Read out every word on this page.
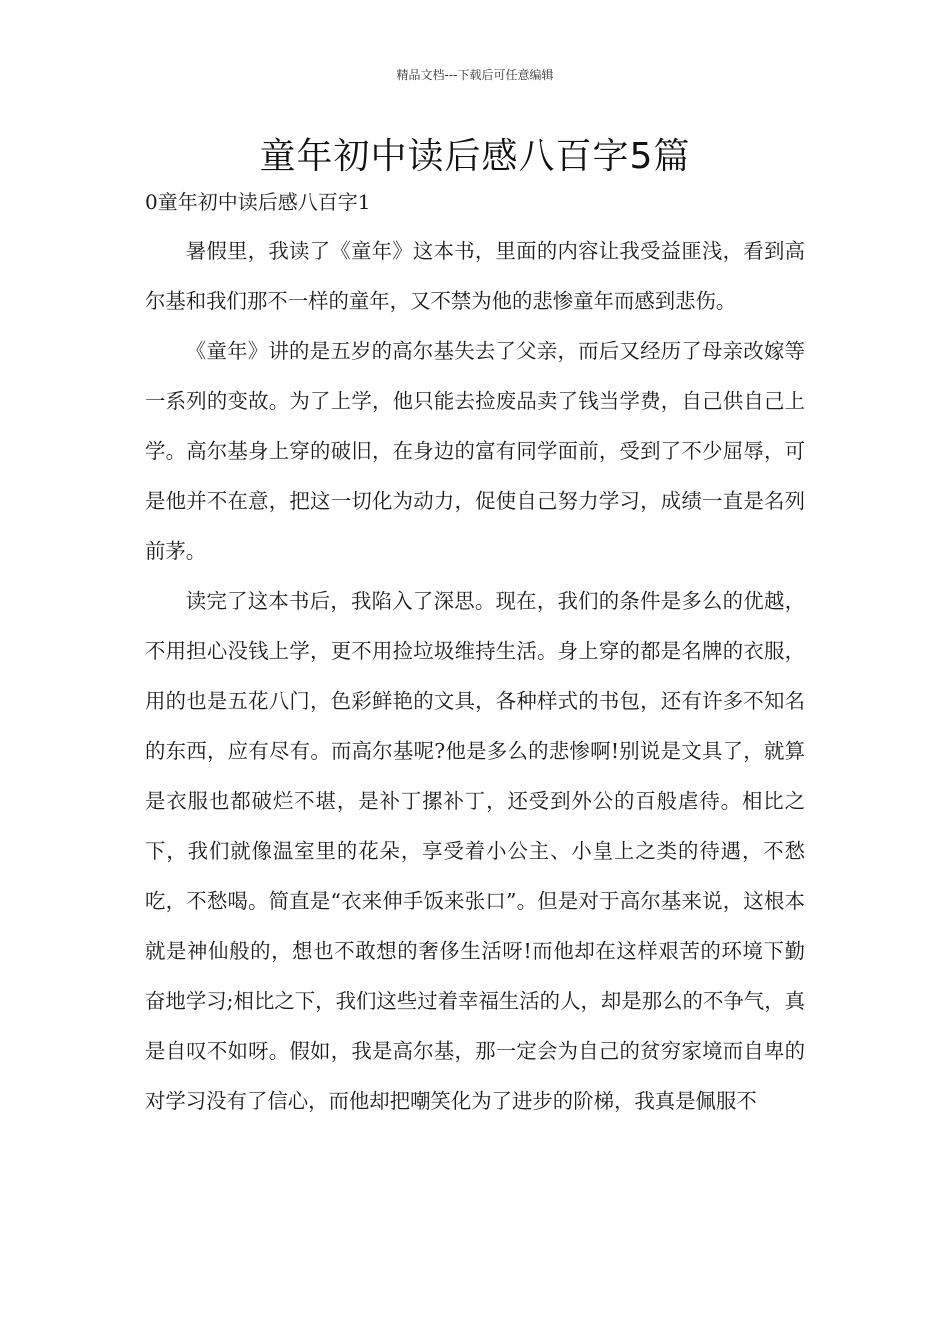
精品文档---下载后可任意编辑
童年初中读后感八百字5篇
0童年初中读后感八百字1

暑假里，我读了《童年》这本书，里面的内容让我受益匪浅，看到高尔基和我们那不一样的童年，又不禁为他的悲惨童年而感到悲伤。

《童年》讲的是五岁的高尔基失去了父亲，而后又经历了母亲改嫁等一系列的变故。为了上学，他只能去捡废品卖了钱当学费，自己供自己上学。高尔基身上穿的破旧，在身边的富有同学面前，受到了不少屈辱，可是他并不在意，把这一切化为动力，促使自己努力学习，成绩一直是名列前茅。

读完了这本书后，我陷入了深思。现在，我们的条件是多么的优越，不用担心没钱上学，更不用捡垃圾维持生活。身上穿的都是名牌的衣服，用的也是五花八门，色彩鲜艳的文具，各种样式的书包，还有许多不知名的东西，应有尽有。而高尔基呢?他是多么的悲惨啊!别说是文具了，就算是衣服也都破烂不堪，是补丁摞补丁，还受到外公的百般虐待。相比之下，我们就像温室里的花朵，享受着小公主、小皇上之类的待遇，不愁吃，不愁喝。简直是“衣来伸手饭来张口”。但是对于高尔基来说，这根本就是神仙般的，想也不敢想的奢侈生活呀!而他却在这样艰苦的环境下勤奋地学习;相比之下，我们这些过着幸福生活的人，却是那么的不争气，真是自叹不如呀。假如，我是高尔基，那一定会为自己的贫穷家境而自卑的对学习没有了信心，而他却把嘲笑化为了进步的阶梯，我真是佩服不
